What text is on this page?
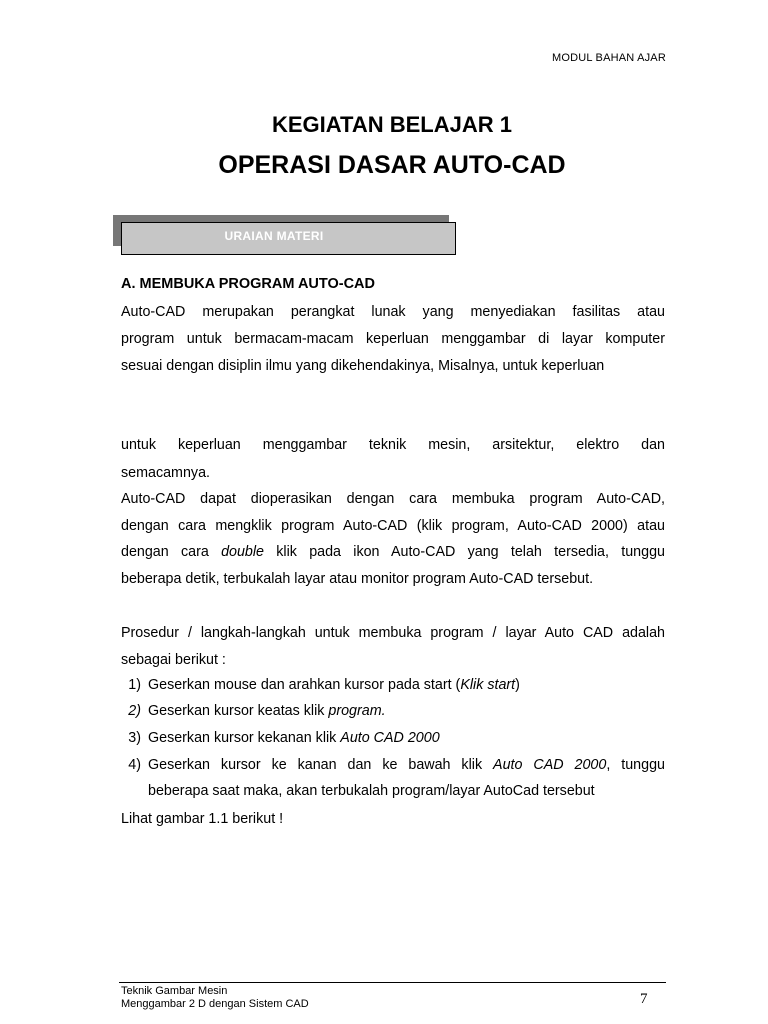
MODUL BAHAN AJAR
KEGIATAN BELAJAR 1
OPERASI DASAR AUTO-CAD
URAIAN MATERI
A. MEMBUKA PROGRAM AUTO-CAD
Auto-CAD merupakan perangkat lunak yang menyediakan fasilitas atau
program untuk bermacam-macam keperluan menggambar di layar komputer
sesuai dengan disiplin ilmu yang dikehendakinya, Misalnya, untuk keperluan
untuk keperluan menggambar teknik mesin, arsitektur, elektro dan
semacamnya.
Auto-CAD dapat dioperasikan dengan cara membuka program Auto-CAD,
dengan cara mengklik program Auto-CAD (klik program, Auto-CAD 2000) atau
dengan cara double klik pada ikon Auto-CAD yang telah tersedia, tunggu
beberapa detik, terbukalah layar atau monitor program Auto-CAD tersebut.
Prosedur / langkah-langkah untuk membuka program / layar Auto CAD adalah
sebagai berikut :
1) Geserkan mouse dan arahkan kursor pada start (Klik start)
2) Geserkan kursor keatas klik program.
3) Geserkan kursor kekanan klik Auto CAD 2000
4) Geserkan kursor ke kanan dan ke bawah klik Auto CAD 2000, tunggu
beberapa saat maka, akan terbukalah program/layar AutoCad tersebut
Lihat gambar 1.1 berikut !
Teknik Gambar Mesin
Menggambar 2 D dengan Sistem CAD	7
